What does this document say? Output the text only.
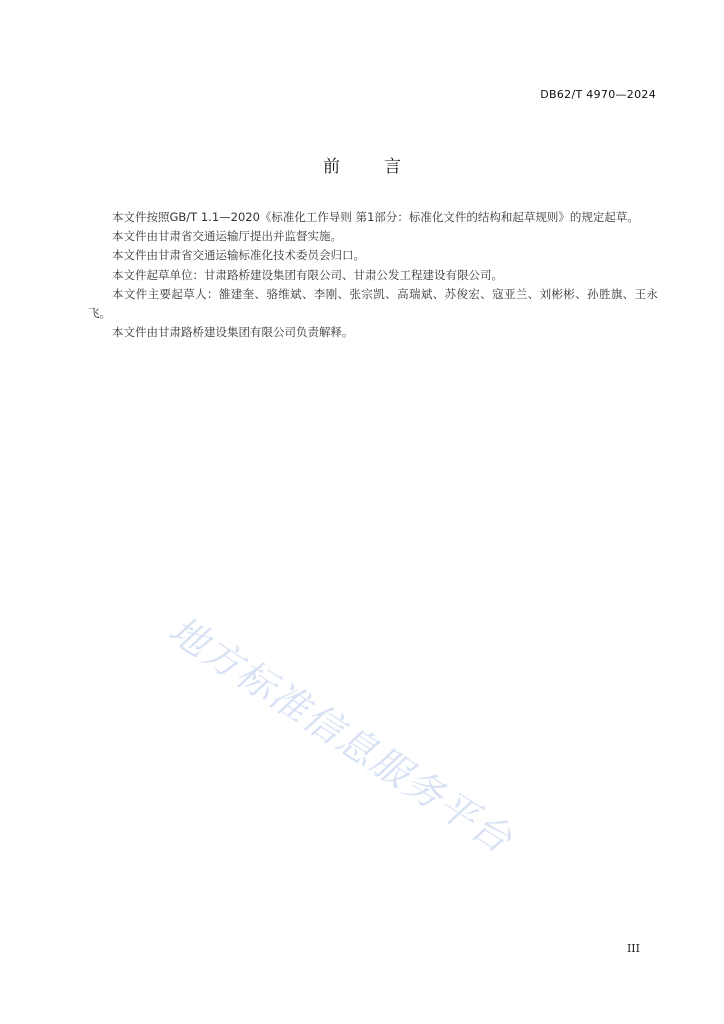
DB62/T 4970—2024
前言

本文件按照GB/T 1.1—2020《标准化工作导则 第1部分：标准化文件的结构和起草规则》的规定起草。

本文件由甘肃省交通运输厅提出并监督实施。

本文件由甘肃省交通运输标准化技术委员会归口。

本文件起草单位：甘肃路桥建设集团有限公司、甘肃公发工程建设有限公司。

本文件主要起草人：雒建奎、骆维斌、李刚、张宗凯、高瑞斌、苏俊宏、寇亚兰、刘彬彬、孙胜旗、王永飞。

本文件由甘肃路桥建设集团有限公司负责解释。

地方标准信息服务平台
III
